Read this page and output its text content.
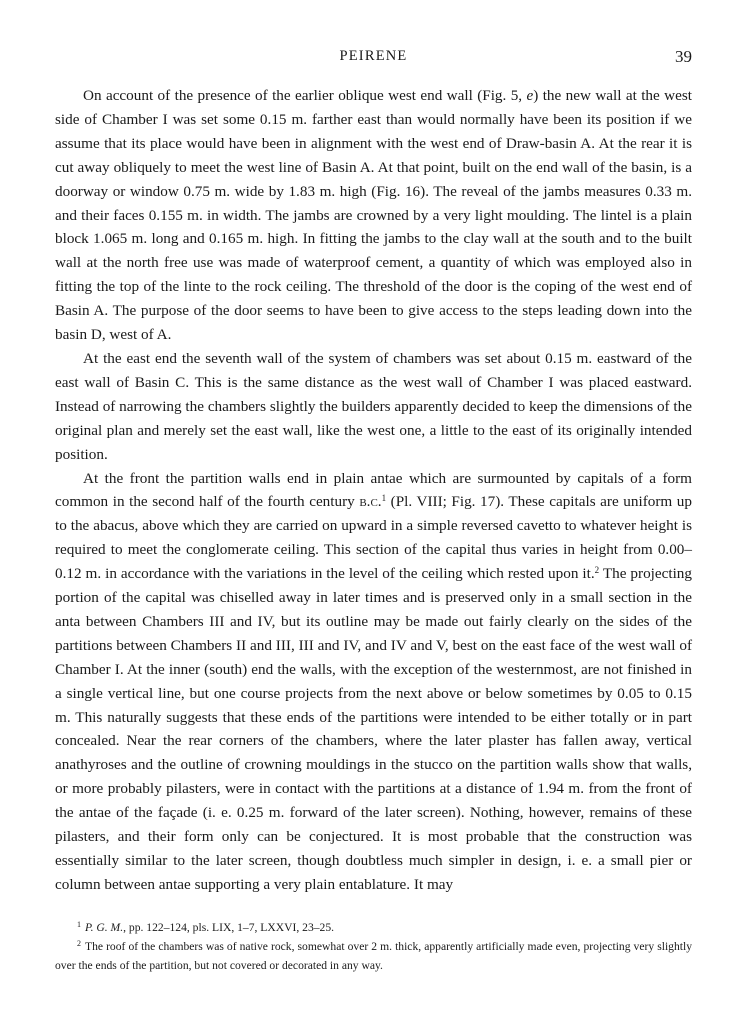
PEIRENE	39

On account of the presence of the earlier oblique west end wall (Fig. 5, e) the new wall at the west side of Chamber I was set some 0.15 m. farther east than would normally have been its position if we assume that its place would have been in alignment with the west end of Draw-basin A. At the rear it is cut away obliquely to meet the west line of Basin A. At that point, built on the end wall of the basin, is a doorway or window 0.75 m. wide by 1.83 m. high (Fig. 16). The reveal of the jambs measures 0.33 m. and their faces 0.155 m. in width. The jambs are crowned by a very light moulding. The lintel is a plain block 1.065 m. long and 0.165 m. high. In fitting the jambs to the clay wall at the south and to the built wall at the north free use was made of waterproof cement, a quantity of which was employed also in fitting the top of the linte to the rock ceiling. The threshold of the door is the coping of the west end of Basin A. The purpose of the door seems to have been to give access to the steps leading down into the basin D, west of A.

At the east end the seventh wall of the system of chambers was set about 0.15 m. eastward of the east wall of Basin C. This is the same distance as the west wall of Chamber I was placed eastward. Instead of narrowing the chambers slightly the builders apparently decided to keep the dimensions of the original plan and merely set the east wall, like the west one, a little to the east of its originally intended position.

At the front the partition walls end in plain antae which are surmounted by capitals of a form common in the second half of the fourth century b.c.$^1$ (Pl. VIII; Fig. 17). These capitals are uniform up to the abacus, above which they are carried on upward in a simple reversed cavetto to whatever height is required to meet the conglomerate ceiling. This section of the capital thus varies in height from 0.00–0.12 m. in accordance with the variations in the level of the ceiling which rested upon it.$^2$ The projecting portion of the capital was chiselled away in later times and is preserved only in a small section in the anta between Chambers III and IV, but its outline may be made out fairly clearly on the sides of the partitions between Chambers II and III, III and IV, and IV and V, best on the east face of the west wall of Chamber I. At the inner (south) end the walls, with the exception of the westernmost, are not finished in a single vertical line, but one course projects from the next above or below sometimes by 0.05 to 0.15 m. This naturally suggests that these ends of the partitions were intended to be either totally or in part concealed. Near the rear corners of the chambers, where the later plaster has fallen away, vertical anathyroses and the outline of crowning mouldings in the stucco on the partition walls show that walls, or more probably pilasters, were in contact with the partitions at a distance of 1.94 m. from the front of the antae of the façade (i. e. 0.25 m. forward of the later screen). Nothing, however, remains of these pilasters, and their form only can be conjectured. It is most probable that the construction was essentially similar to the later screen, though doubtless much simpler in design, i. e. a small pier or column between antae supporting a very plain entablature. It may

$^1$ P. G. M., pp. 122–124, pls. LIX, 1–7, LXXVI, 23–25.

$^2$ The roof of the chambers was of native rock, somewhat over 2 m. thick, apparently artificially made even, projecting very slightly over the ends of the partition, but not covered or decorated in any way.
